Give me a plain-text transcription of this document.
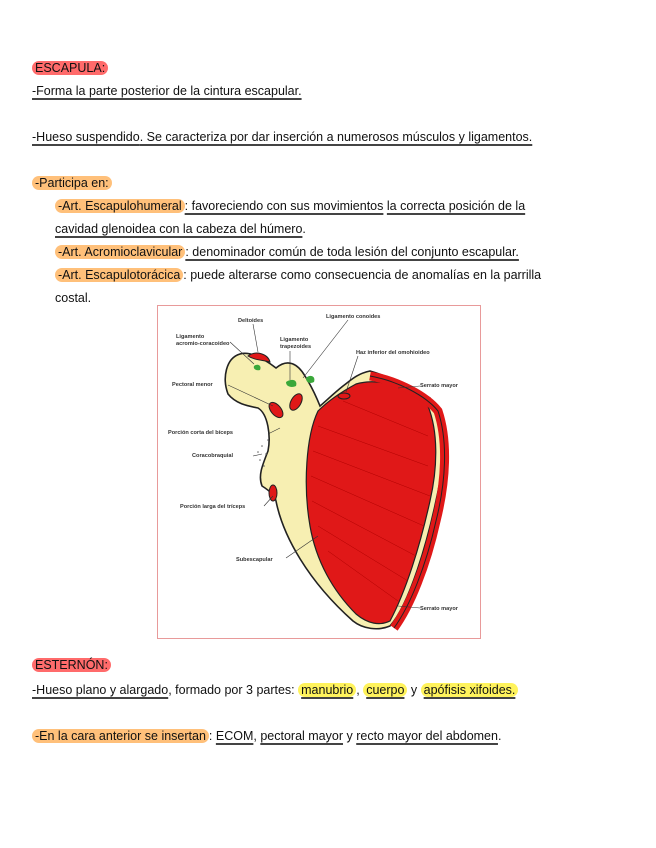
ESCAPULA:
-Forma la parte posterior de la cintura escapular.
-Hueso suspendido. Se caracteriza por dar inserción a numerosos músculos y ligamentos.
-Participa en:
-Art. Escapulohumeral : favoreciendo con sus movimientos la correcta posición de la
cavidad glenoidea con la cabeza del húmero.
-Art. Acromioclavicular : denominador común de toda lesión del conjunto escapular.
-Art. Escapulotorácica : puede alterarse como consecuencia de anomalías en la parrilla
costal.
Deltoides
Ligamento conoides
Ligamento
acromio-coracoideo
Ligamento
trapezoides
Haz inferior del omohioideo
Pectoral menor	Serrato mayor
Porción corta del bíceps
Coracobraquial
Porción larga del tríceps
Subescapular
Serrato mayor
ESTERNÓN:
-Hueso plano y alargado, formado por 3 partes: manubrio , cuerpo y apófisis xifoides.
-En la cara anterior se insertan : ECOM, pectoral mayor y recto mayor del abdomen.
